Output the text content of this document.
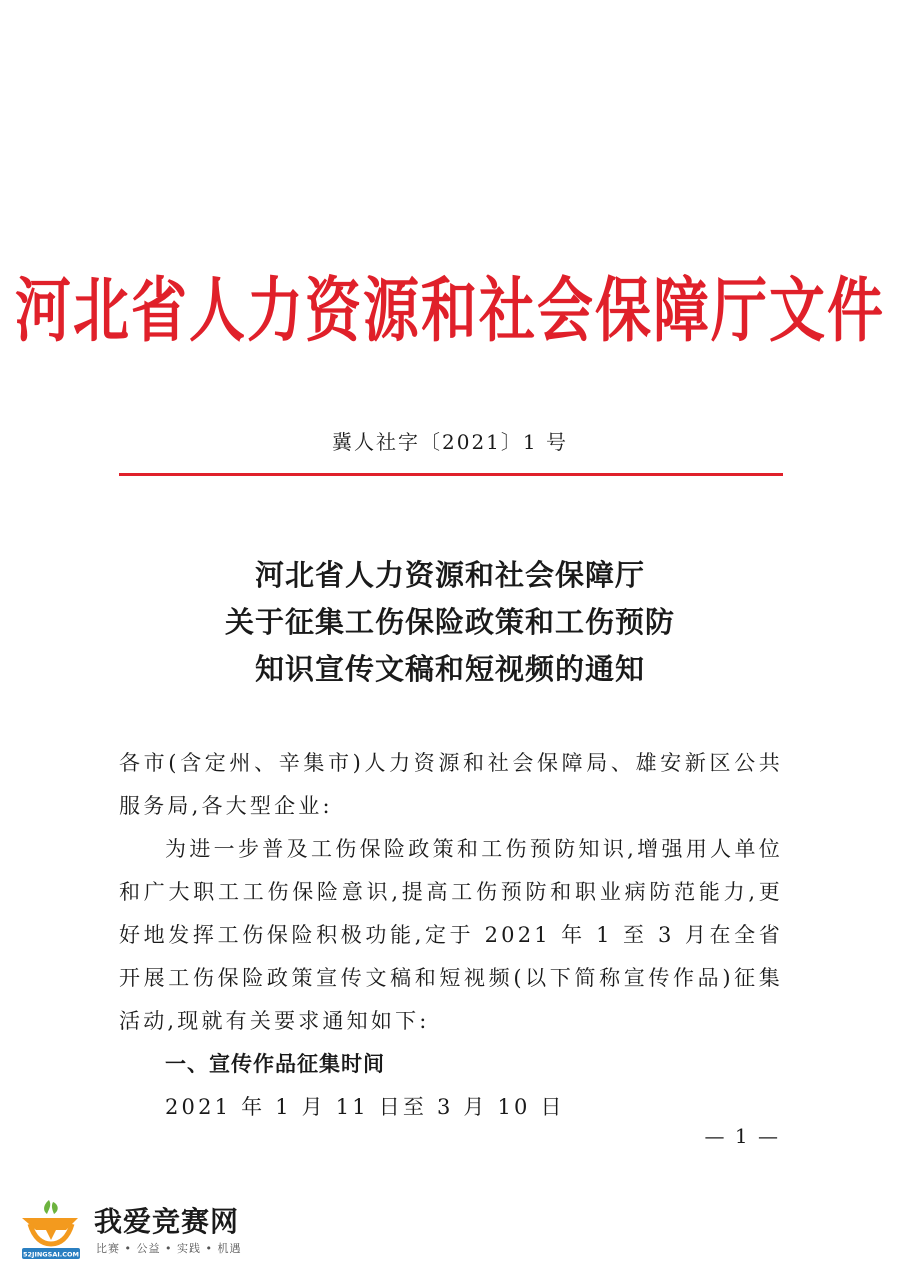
河北省人力资源和社会保障厅文件
冀人社字〔2021〕1 号
河北省人力资源和社会保障厅
关于征集工伤保险政策和工伤预防
知识宣传文稿和短视频的通知

各市(含定州、辛集市)人力资源和社会保障局、雄安新区公共服务局,各大型企业:

为进一步普及工伤保险政策和工伤预防知识,增强用人单位和广大职工工伤保险意识,提高工伤预防和职业病防范能力,更好地发挥工伤保险积极功能,定于 2021 年 1 至 3 月在全省开展工伤保险政策宣传文稿和短视频(以下简称宣传作品)征集活动,现就有关要求通知如下:

一、宣传作品征集时间

2021 年 1 月 11 日至 3 月 10 日

— 1 —
52JINGSAI.COM
我爱竞赛网
比赛 • 公益 • 实践 • 机遇
